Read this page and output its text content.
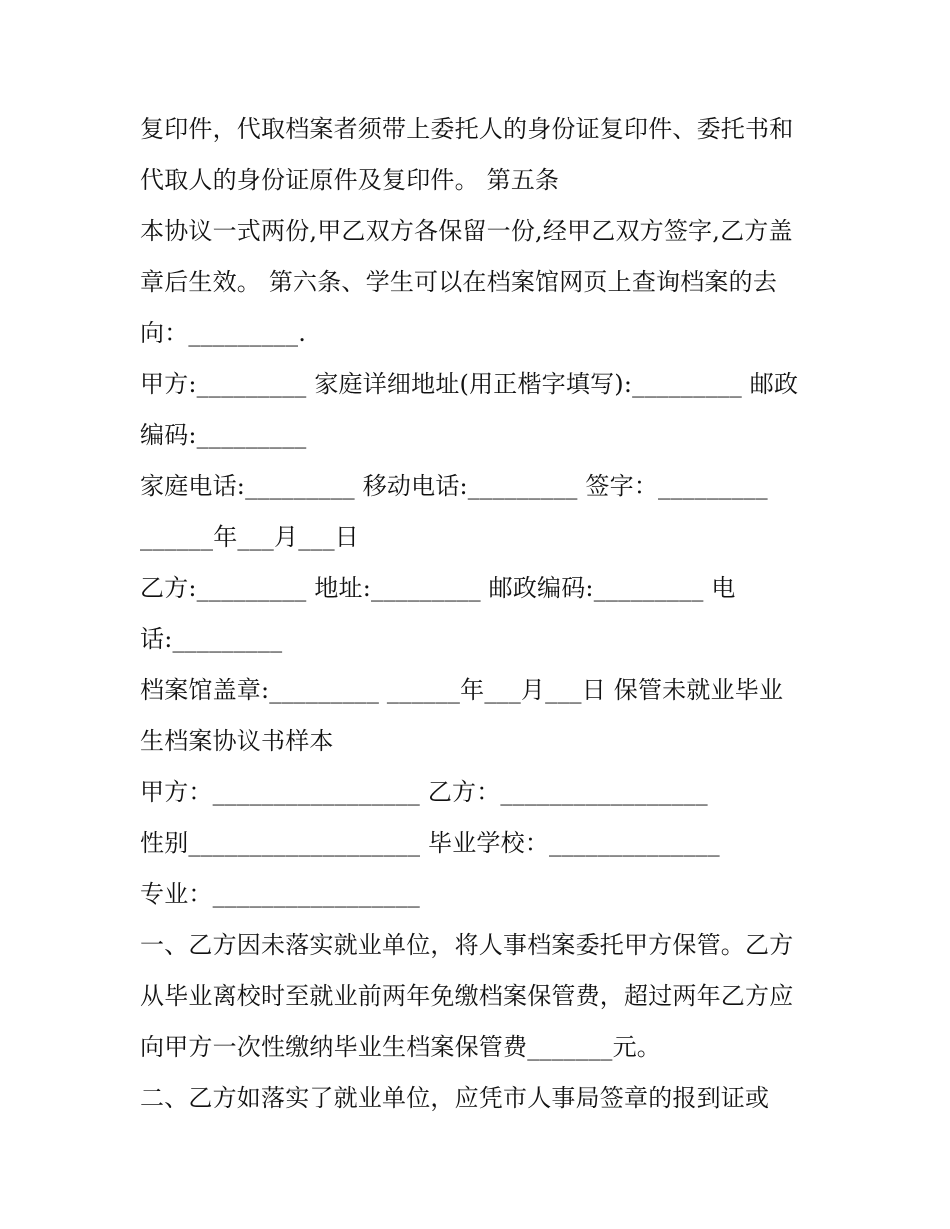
复印件，代取档案者须带上委托人的身份证复印件、委托书和
代取人的身份证原件及复印件。 第五条
本协议一式两份,甲乙双方各保留一份,经甲乙双方签字,乙方盖
章后生效。 第六条、学生可以在档案馆网页上查询档案的去
向：_________.
甲方:_________ 家庭详细地址(用正楷字填写):_________ 邮政
编码:_________
家庭电话:_________ 移动电话:_________ 签字：_________
______年___月___日
乙方:_________ 地址:_________ 邮政编码:_________ 电
话:_________
档案馆盖章:_________ ______年___月___日 保管未就业毕业
生档案协议书样本
甲方：_________________ 乙方：_________________
性别___________________ 毕业学校：______________
专业：_________________
一、乙方因未落实就业单位，将人事档案委托甲方保管。乙方
从毕业离校时至就业前两年免缴档案保管费，超过两年乙方应
向甲方一次性缴纳毕业生档案保管费_______元。
二、乙方如落实了就业单位，应凭市人事局签章的报到证或
